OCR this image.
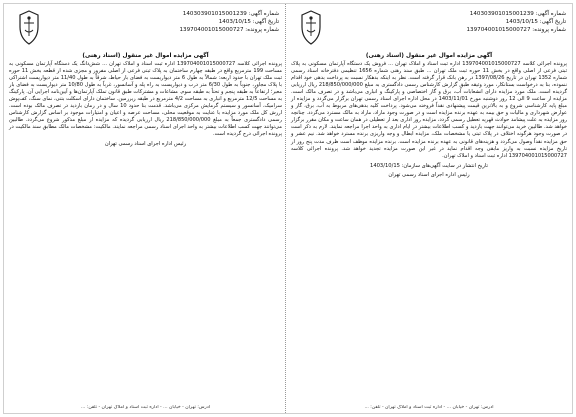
شماره آگهی: 140303901015001239
تاریخ آگهی: 1403/10/15
شماره پرونده: 139704001015000727
آگهی مزایده اموال غیر منقول (اسناد رهنی)

پرونده اجرائی کلاسه 139704001015000727 اداره ثبت اسناد و املاک تهران ... فروش یک دستگاه آپارتمان مسکونی به پلاک ثبتی فرعی از اصلی واقع در بخش 11 حوزه ثبت ملک تهران ... طبق سند رهنی شماره 1656 تنظیمی دفترخانه اسناد رسمی شماره 1352 تهران در تاریخ 1397/08/26 در رهن بانک قرار گرفته است. نظر به اینکه بدهکار نسبت به پرداخت بدهی خود اقدام ننموده، بنا به درخواست بستانکار، مورد وثیقه طبق گزارش کارشناس رسمی دادگستری به مبلغ 218/850/000/000 ریال ارزیابی گردیده است. ملک مورد مزایده دارای انشعابات آب، برق و گاز اختصاصی و پارکینگ و انباری می‌باشد و در تصرف مالک است. مزایده از ساعت 9 الی 12 روز دوشنبه مورخ 1403/11/01 در محل اداره اجرای اسناد رسمی تهران برگزار می‌گردد و مزایده از مبلغ پایه کارشناسی شروع و به بالاترین قیمت پیشنهادی نقداً فروخته می‌شود. پرداخت کلیه بدهی‌های مربوط به آب، برق، گاز و عوارض شهرداری و مالیات و حق بیمه به عهده برنده مزایده است و در صورت وجود مازاد، مازاد به مالک مسترد می‌گردد. چنانچه روز مزایده به علت پیشامد حوادث قهریه تعطیل رسمی گردد، مزایده روز اداری بعد از تعطیلی در همان ساعت و مکان مقرر برگزار خواهد شد. طالبین خرید می‌توانند جهت بازدید و کسب اطلاعات بیشتر در ایام اداری به واحد اجرا مراجعه نمایند. لازم به ذکر است در صورت وجود هرگونه اختلاف در پلاک ثبتی یا مشخصات ملک، مزایده ابطال و وجه واریزی برنده مسترد خواهد شد. نیم عشر و حق مزایده نقداً وصول می‌گردد و هزینه‌های قانونی به عهده برنده مزایده است. برنده مزایده موظف است ظرف مدت پنج روز از تاریخ مزایده نسبت به واریز مابقی وجه اقدام نماید در غیر این صورت مزایده تجدید خواهد شد. پرونده اجرائی کلاسه 139704001015000727 اداره ثبت اسناد و املاک تهران.

تاریخ انتشار در سایت آگهی‌های سازمان: 1403/10/15
رئیس اداره اجرای اسناد رسمی تهران
آدرس: تهران - خیابان ... - اداره ثبت اسناد و املاک تهران - تلفن: ...
شماره آگهی: 140303901015001239
تاریخ آگهی: 1403/10/15
شماره پرونده: 139704001015000727
آگهی مزایده اموال غیر منقول (اسناد رهنی)

پرونده اجرائی کلاسه 139704001015000727 اداره ثبت اسناد و املاک تهران ... شش‌دانگ یک دستگاه آپارتمان مسکونی به مساحت 199 مترمربع واقع در طبقه چهارم ساختمان به پلاک ثبتی فرعی از اصلی مفروز و مجزی شده از قطعه بخش 11 حوزه ثبت ملک تهران با حدود اربعه: شمالاً به طول 6 متر دیواریست به فضای باز حیاط، شرقاً به طول 11/40 متر دیواریست اشتراکی با پلاک مجاور، جنوباً به طول 6/30 متر درب و دیواریست به راه پله و آسانسور، غرباً به طول 10/80 متر دیواریست به فضای باز معبر؛ ارتفاعاً به طبقه پنجم و تحتاً به طبقه سوم. مشاعات و مشترکات طبق قانون تملک آپارتمان‌ها و آیین‌نامه اجرایی آن. پارکینگ به مساحت 12/5 مترمربع و انباری به مساحت 4/2 مترمربع در طبقه زیرزمین. ساختمان دارای اسکلت بتنی، نمای سنگ، کف‌پوش سرامیک، آسانسور و سیستم گرمایش مرکزی می‌باشد. قدمت بنا حدود 10 سال و در زمان بازدید در تصرف مالک بوده است. ارزش کل ملک مورد مزایده با عنایت به موقعیت محلی، مساحت عرصه و اعیان و امتیازات موجود بر اساس گزارش کارشناس رسمی دادگستری جمعاً به مبلغ 218/850/000/000 ریال ارزیابی گردیده که مزایده از مبلغ مذکور شروع می‌گردد. طالبین می‌توانند جهت کسب اطلاعات بیشتر به واحد اجرای اسناد رسمی مراجعه نمایند. مالکیت: مشخصات مالک مطابق سند مالکیت در پرونده اجرائی درج گردیده است.

رئیس اداره اجرای اسناد رسمی تهران
آدرس: تهران - خیابان ... - اداره ثبت اسناد و املاک تهران - تلفن: ...
